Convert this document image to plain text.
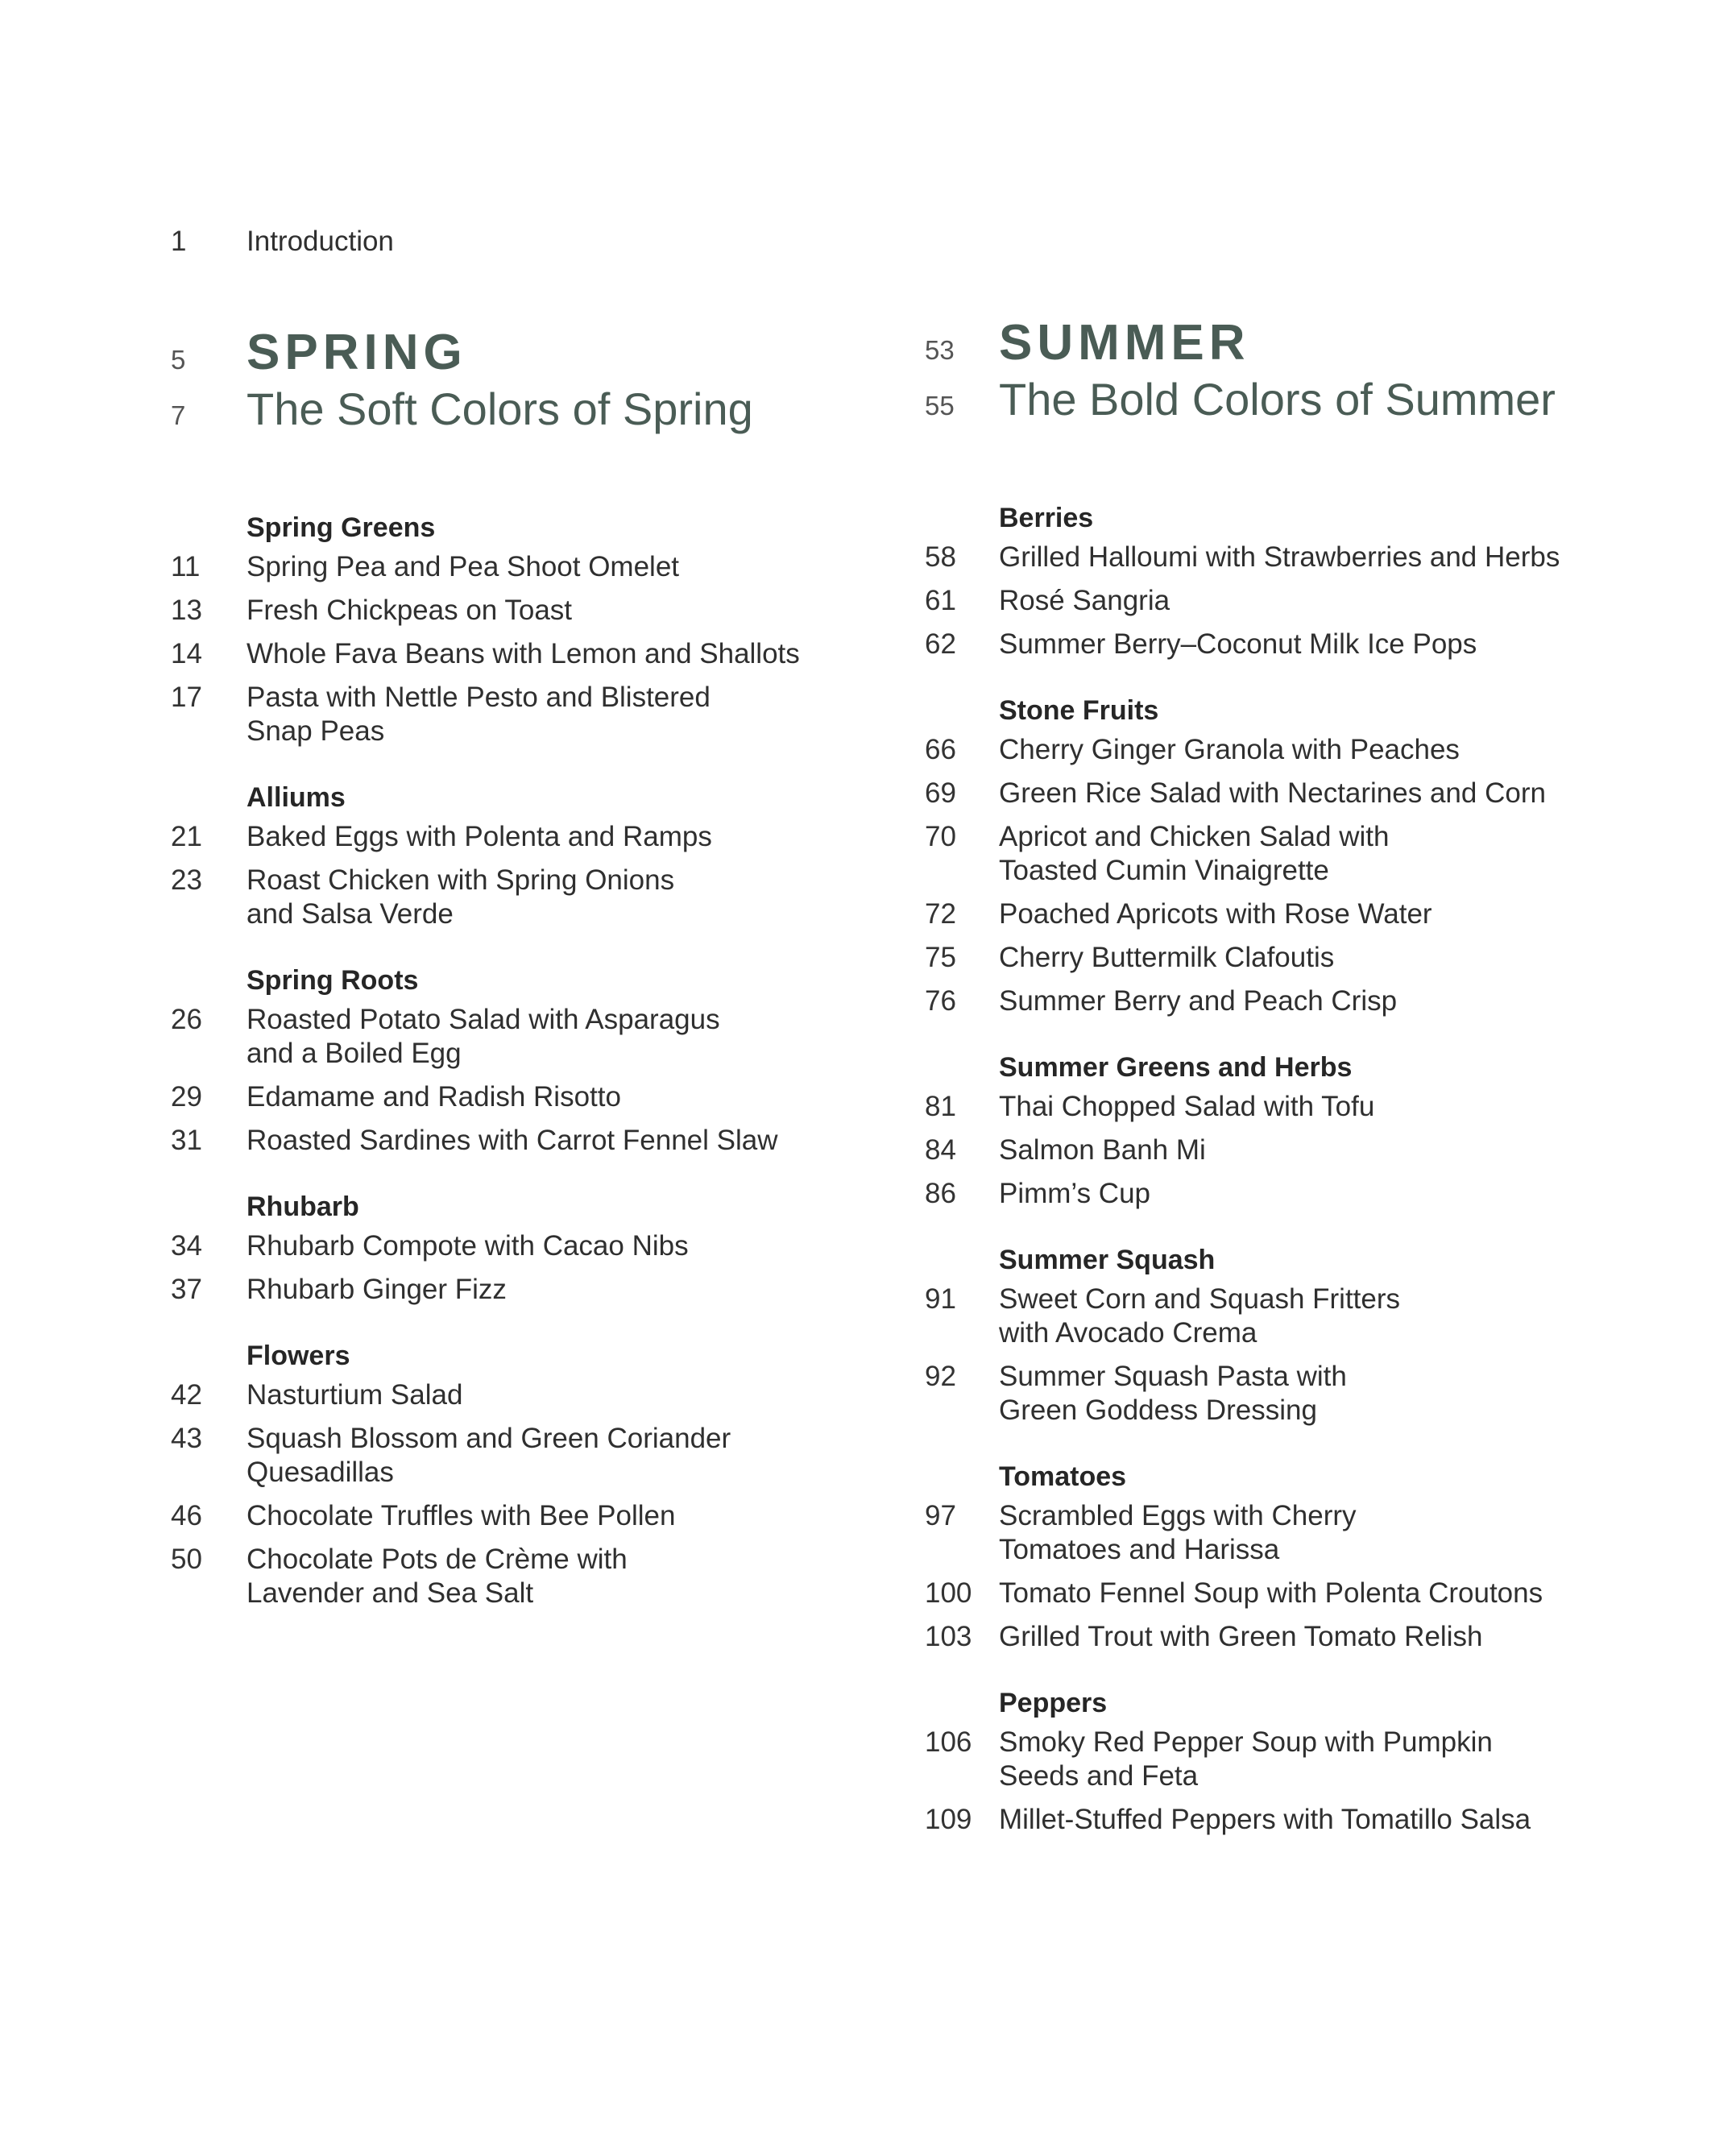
1	Introduction
5	SPRING
7	The Soft Colors of Spring
Spring Greens
11	Spring Pea and Pea Shoot Omelet
13	Fresh Chickpeas on Toast
14	Whole Fava Beans with Lemon and Shallots
17	Pasta with Nettle Pesto and Blistered Snap Peas
Alliums
21	Baked Eggs with Polenta and Ramps
23	Roast Chicken with Spring Onions and Salsa Verde
Spring Roots
26	Roasted Potato Salad with Asparagus and a Boiled Egg
29	Edamame and Radish Risotto
31	Roasted Sardines with Carrot Fennel Slaw
Rhubarb
34	Rhubarb Compote with Cacao Nibs
37	Rhubarb Ginger Fizz
Flowers
42	Nasturtium Salad
43	Squash Blossom and Green Coriander Quesadillas
46	Chocolate Truffles with Bee Pollen
50	Chocolate Pots de Crème with Lavender and Sea Salt
53 SUMMER
55 The Bold Colors of Summer
Berries
58	Grilled Halloumi with Strawberries and Herbs
61	Rosé Sangria
62	Summer Berry–Coconut Milk Ice Pops
Stone Fruits
66	Cherry Ginger Granola with Peaches
69	Green Rice Salad with Nectarines and Corn
70	Apricot and Chicken Salad with Toasted Cumin Vinaigrette
72	Poached Apricots with Rose Water
75	Cherry Buttermilk Clafoutis
76	Summer Berry and Peach Crisp
Summer Greens and Herbs
81	Thai Chopped Salad with Tofu
84	Salmon Banh Mi
86	Pimm’s Cup
Summer Squash
91	Sweet Corn and Squash Fritters with Avocado Crema
92	Summer Squash Pasta with Green Goddess Dressing
Tomatoes
97	Scrambled Eggs with Cherry Tomatoes and Harissa
100 Tomato Fennel Soup with Polenta Croutons
103 Grilled Trout with Green Tomato Relish
Peppers
106 Smoky Red Pepper Soup with Pumpkin Seeds and Feta
109 Millet-Stuffed Peppers with Tomatillo Salsa
